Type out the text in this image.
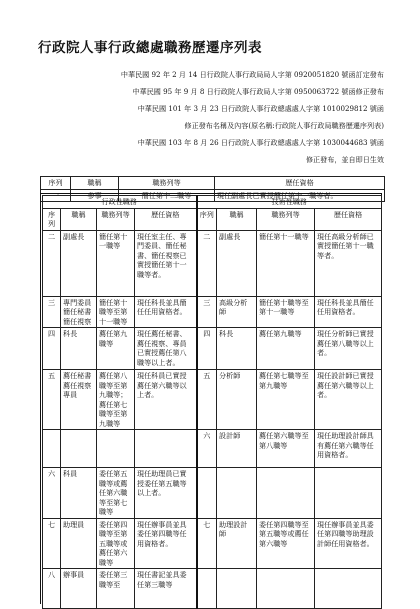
行政院人事行政總處職務歷遷序列表
中華民國 92 年 2 月 14 日行政院人事行政局局人字第 0920051820 號函訂定發布
中華民國 95 年 9 月 8 日行政院人事行政局人字第 0950063722 號函修正發布
中華民國 101 年 3 月 23 日行政院人事行政總處處人字第 1010029812 號函
修正發布名稱及內容(原名稱:行政院人事行政局職務歷遷序列表)
中華民國 103 年 8 月 26 日行政院人事行政總處處人字第 1030044683 號函
修正發布，並自即日生效
序列	職稱	職務列等	歷任資格
一	參事	簡任第十二職等	現任副處長已實授簡任第十一職等者。
行政性職務				技術性職務			
序列	職稱	職務列等	歷任資格	序列	職稱	職務列等	歷任資格
二	副處長	簡任第十一職等	現任室主任、專門委員、簡任秘書、簡任視察已實授簡任第十一職等者。	二	副處長	簡任第十一職等	現任高級分析師已實授簡任第十一職等者。
三	專門委員 簡任秘書 簡任視察	簡任第十職等至第十一職等	現任科長並具簡任任用資格者。	三	高級分析師	簡任第十職等至第十一職等	現任科長並具簡任任用資格者。
四	科長	薦任第九職等	現任薦任秘書、薦任視察、專員已實授薦任第八職等以上者。	四	科長	薦任第九職等	現任分析師已實授薦任第八職等以上者。
五	薦任秘書 薦任視察 專員	薦任第八職等至第九職等；薦任第七職等至第九職等	現任科員已實授薦任第六職等以上者。	五	分析師	薦任第七職等至第九職等	現任設計師已實授薦任第六職等以上者。
				六	設計師	薦任第六職等至第八職等	現任助理設計師具有薦任第六職等任用資格者。
六	科員	委任第五職等或薦任第六職等至第七職等	現任助理員已實授委任第五職等以上者。				
七	助理員	委任第四職等至第五職等或薦任第六職等	現任辦事員並具委任第四職等任用資格者。	七	助理設計師	委任第四職等至第五職等或薦任第六職等	現任辦事員並具委任第四職等助理設計師任用資格者。
八	辦事員	委任第三職等至	現任書記並具委任第三職等				
